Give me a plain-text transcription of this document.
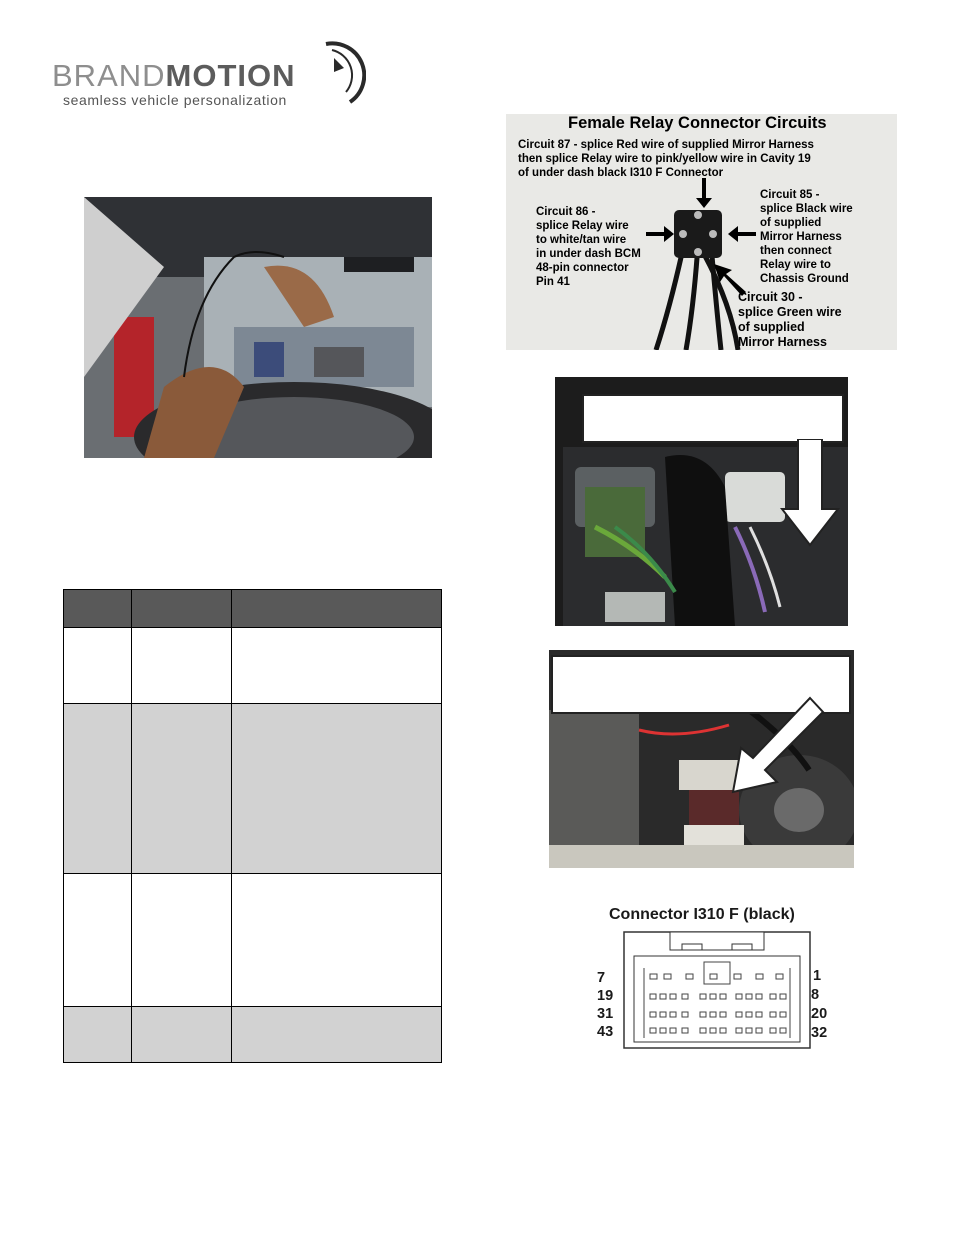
BRANDMOTION
seamless vehicle personalization

Female Relay Connector Circuits
Circuit 87 - splice Red wire of supplied Mirror Harness
then splice Relay wire to pink/yellow wire in Cavity 19
of under dash black I310 F Connector
Circuit 86 -
splice Relay wire
to white/tan wire
in under dash BCM
48-pin connector
Pin 41
Circuit 85 -
splice Black wire
of supplied
Mirror Harness
then connect
Relay wire to
Chassis Ground
Circuit 30 -
splice Green wire
of supplied
Mirror Harness
Connector I310 F (black)
7
19
31
43
1
8
20
32
